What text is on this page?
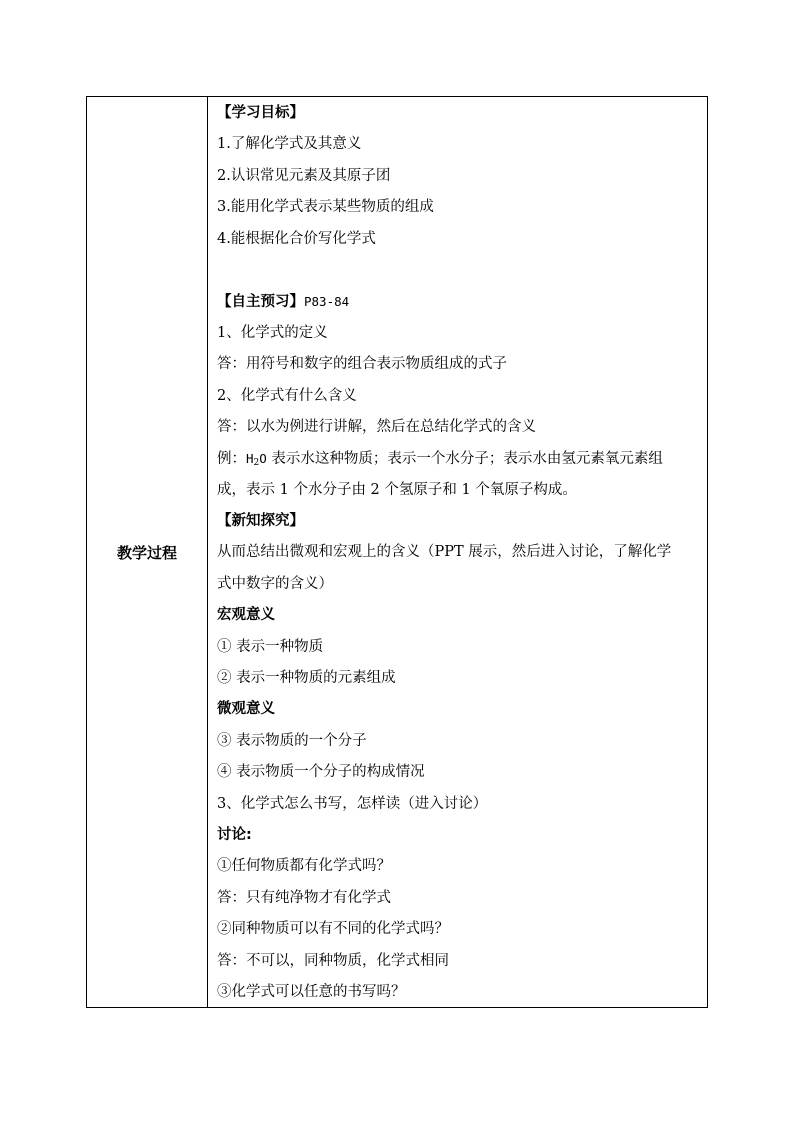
教学过程
【学习目标】
1.了解化学式及其意义
2.认识常见元素及其原子团
3.能用化学式表示某些物质的组成
4.能根据化合价写化学式
【自主预习】P83-84
1、化学式的定义
答：用符号和数字的组合表示物质组成的式子
2、化学式有什么含义
答：以水为例进行讲解，然后在总结化学式的含义
例：$H_2O$ 表示水这种物质；表示一个水分子；表示水由氢元素氧元素组
成，表示 1 个水分子由 2 个氢原子和 1 个氧原子构成。
【新知探究】
从而总结出微观和宏观上的含义（PPT 展示，然后进入讨论，了解化学
式中数字的含义）
宏观意义
① 表示一种物质
② 表示一种物质的元素组成
微观意义
③ 表示物质的一个分子
④ 表示物质一个分子的构成情况
3、化学式怎么书写，怎样读（进入讨论）
讨论:
①任何物质都有化学式吗？
答：只有纯净物才有化学式
②同种物质可以有不同的化学式吗？
答：不可以，同种物质，化学式相同
③化学式可以任意的书写吗？
